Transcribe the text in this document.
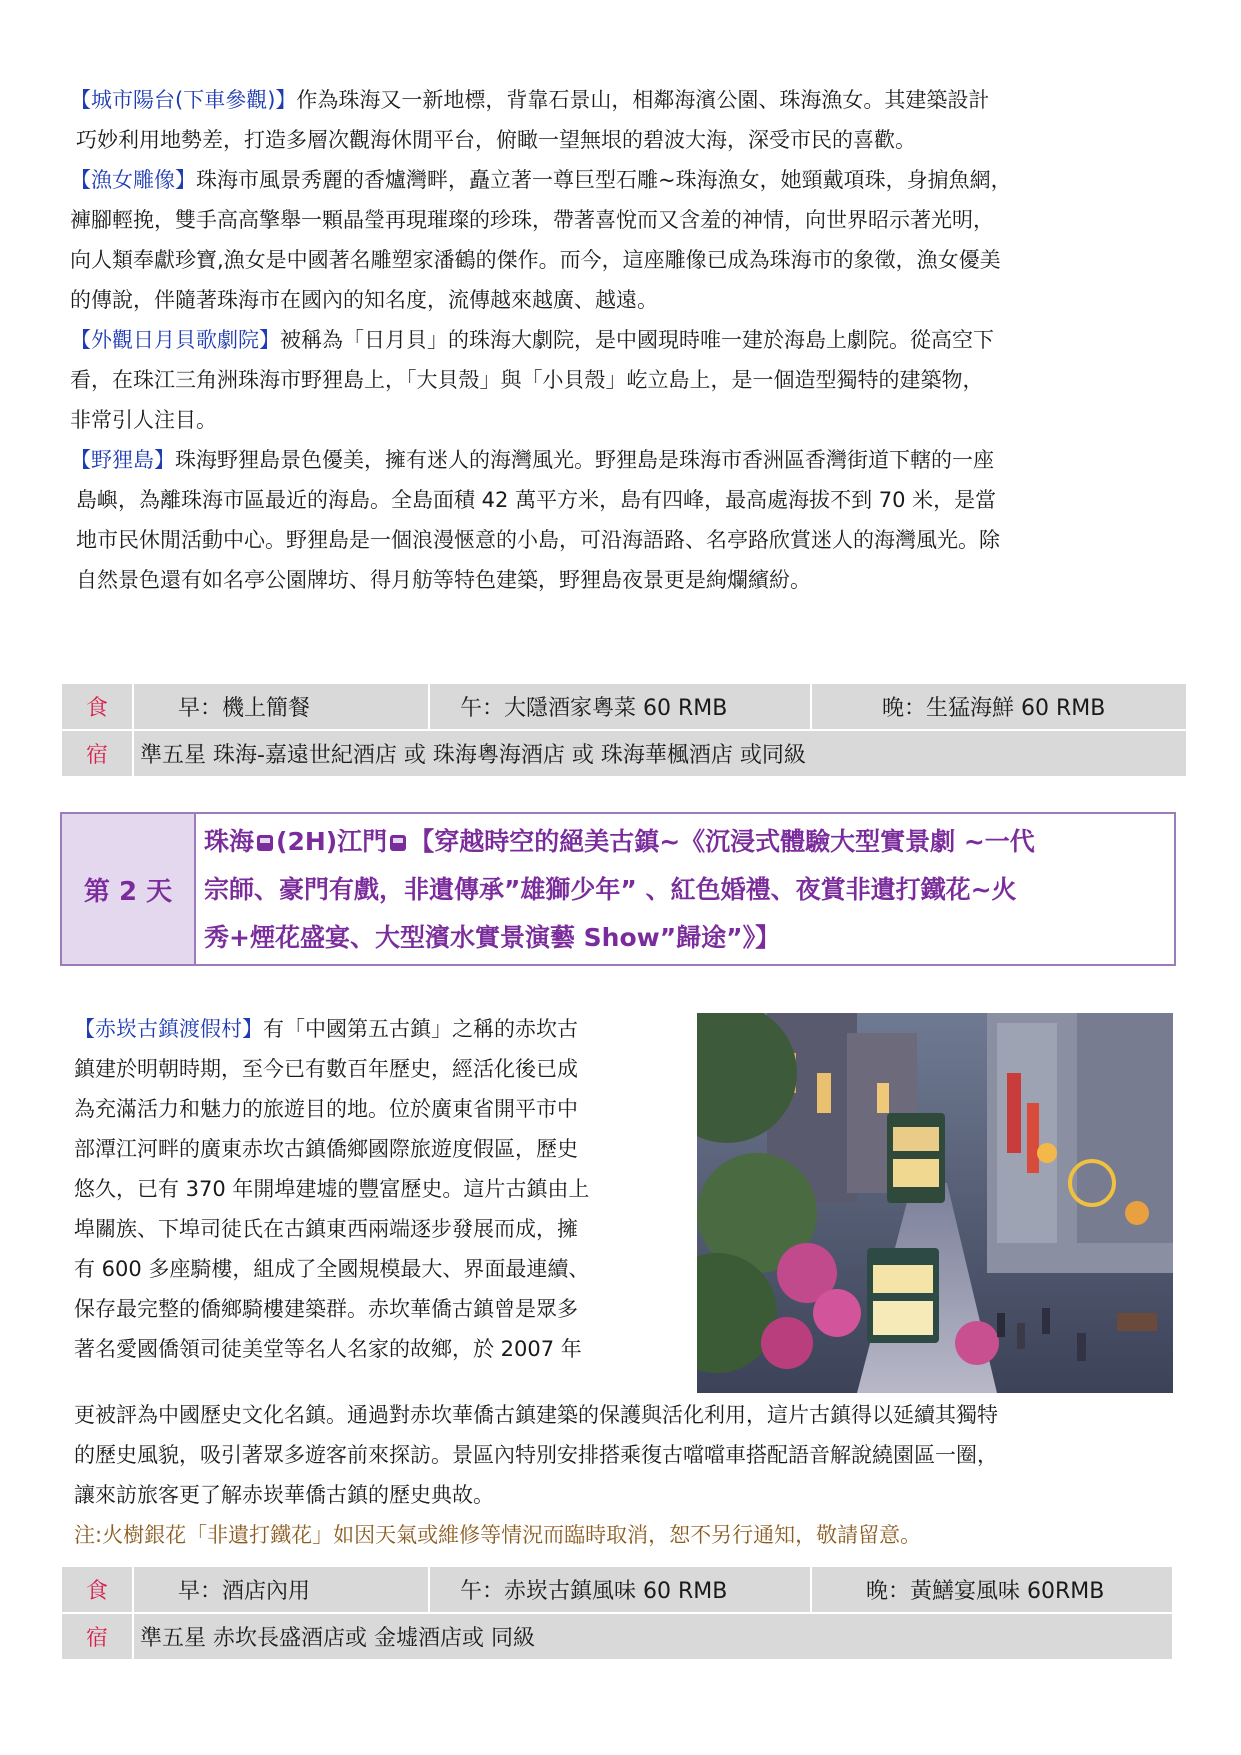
【城市陽台(下車參觀)】作為珠海又一新地標，背靠石景山，相鄰海濱公園、珠海漁女。其建築設計

巧妙利用地勢差，打造多層次觀海休閒平台，俯瞰一望無垠的碧波大海，深受市民的喜歡。

【漁女雕像】珠海市風景秀麗的香爐灣畔，矗立著一尊巨型石雕~珠海漁女，她頸戴項珠，身掮魚網，

褲腳輕挽，雙手高高擎舉一顆晶瑩再現璀璨的珍珠，帶著喜悅而又含羞的神情，向世界昭示著光明，

向人類奉獻珍寶,漁女是中國著名雕塑家潘鶴的傑作。而今，這座雕像已成為珠海市的象徵，漁女優美

的傳說，伴隨著珠海市在國內的知名度，流傳越來越廣、越遠。

【外觀日月貝歌劇院】被稱為「日月貝」的珠海大劇院，是中國現時唯一建於海島上劇院。從高空下

看，在珠江三角洲珠海市野狸島上，「大貝殼」與「小貝殼」屹立島上，是一個造型獨特的建築物，

非常引人注目。

【野狸島】珠海野狸島景色優美，擁有迷人的海灣風光。野狸島是珠海市香洲區香灣街道下轄的一座

島嶼，為離珠海市區最近的海島。全島面積 42 萬平方米，島有四峰，最高處海拔不到 70 米，是當

地市民休閒活動中心。野狸島是一個浪漫愜意的小島，可沿海語路、名亭路欣賞迷人的海灣風光。除

自然景色還有如名亭公園牌坊、得月舫等特色建築，野狸島夜景更是絢爛繽紛。

食	早：機上簡餐	午：大隱酒家粵菜 60 RMB	晚：生猛海鮮 60 RMB
宿	準五星 珠海-嘉遠世紀酒店 或 珠海粵海酒店 或 珠海華楓酒店 或同級		
第 2 天

珠海 (2H)江門 【穿越時空的絕美古鎮~《沉浸式體驗大型實景劇 ~一代

宗師、豪門有戲，非遺傳承”雄獅少年” 、紅色婚禮、夜賞非遺打鐵花~火

秀+煙花盛宴、大型濱水實景演藝 Show”歸途”》】

【赤崁古鎮渡假村】有「中國第五古鎮」之稱的赤坎古

鎮建於明朝時期，至今已有數百年歷史，經活化後已成

為充滿活力和魅力的旅遊目的地。位於廣東省開平市中

部潭江河畔的廣東赤坎古鎮僑鄉國際旅遊度假區，歷史

悠久，已有 370 年開埠建墟的豐富歷史。這片古鎮由上

埠關族、下埠司徒氏在古鎮東西兩端逐步發展而成，擁

有 600 多座騎樓，組成了全國規模最大、界面最連續、

保存最完整的僑鄉騎樓建築群。赤坎華僑古鎮曾是眾多

著名愛國僑領司徒美堂等名人名家的故鄉，於 2007 年

更被評為中國歷史文化名鎮。通過對赤坎華僑古鎮建築的保護與活化利用，這片古鎮得以延續其獨特

的歷史風貌，吸引著眾多遊客前來探訪。景區內特別安排搭乘復古噹噹車搭配語音解說繞園區一圈，

讓來訪旅客更了解赤崁華僑古鎮的歷史典故。

注:火樹銀花「非遺打鐵花」如因天氣或維修等情況而臨時取消，恕不另行通知，敬請留意。

食	早：酒店內用	午：赤崁古鎮風味 60 RMB	晚：黃鱔宴風味 60RMB
宿	準五星 赤坎長盛酒店或 金墟酒店或 同級		
